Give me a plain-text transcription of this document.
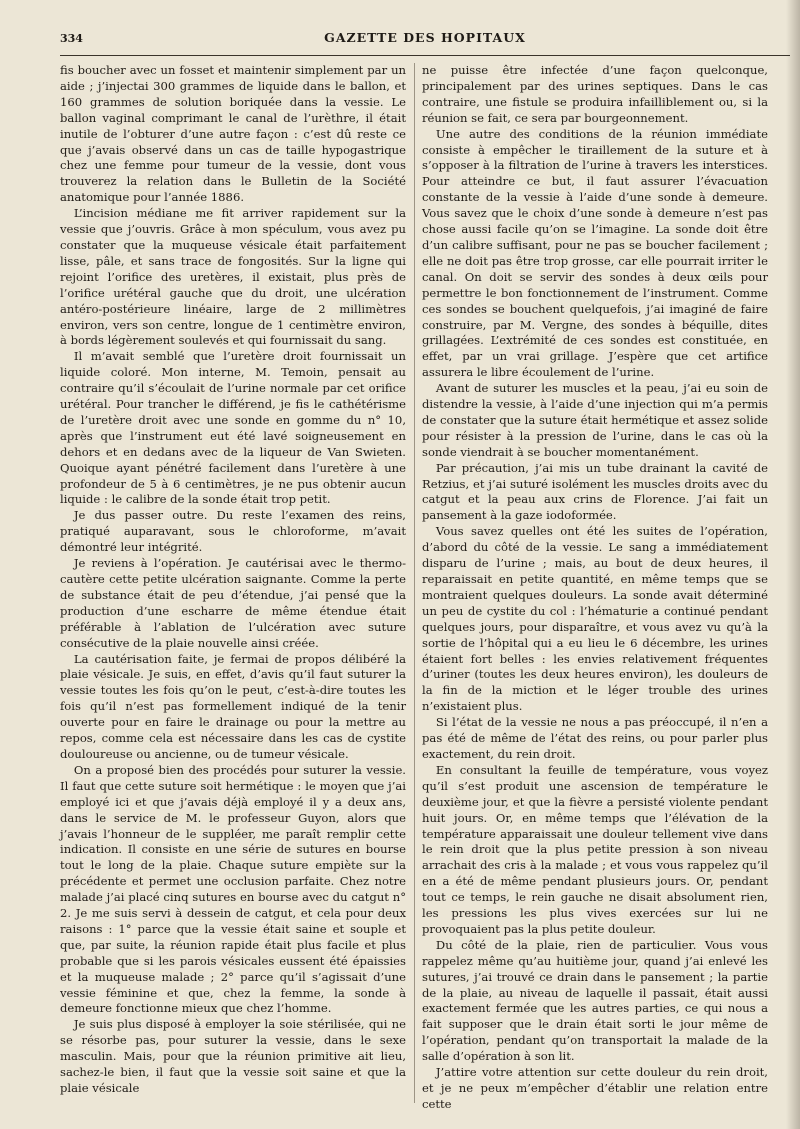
334	GAZETTE DES HOPITAUX

fis boucher avec un fosset et maintenir simplement par un aide ; j’injectai 300 grammes de liquide dans le ballon, et 160 grammes de solution boriquée dans la vessie. Le ballon vaginal comprimant le canal de l’urèthre, il était inutile de l’obturer d’une autre façon : c’est dû reste ce que j’avais observé dans un cas de taille hypogastrique chez une femme pour tumeur de la vessie, dont vous trouverez la relation dans le Bulletin de la Société anatomique pour l’année 1886.

L’incision médiane me fit arriver rapidement sur la vessie que j’ouvris. Grâce à mon spéculum, vous avez pu constater que la muqueuse vésicale était parfaitement lisse, pâle, et sans trace de fongosités. Sur la ligne qui rejoint l’orifice des uretères, il existait, plus près de l’orifice urétéral gauche que du droit, une ulcération antéro-postérieure linéaire, large de 2 millimètres environ, vers son centre, longue de 1 centimètre environ, à bords légèrement soulevés et qui fournissait du sang.

Il m’avait semblé que l’uretère droit fournissait un liquide coloré. Mon interne, M. Temoin, pensait au contraire qu’il s’écoulait de l’urine normale par cet orifice urétéral. Pour trancher le différend, je fis le cathétérisme de l’uretère droit avec une sonde en gomme du n° 10, après que l’instrument eut été lavé soigneusement en dehors et en dedans avec de la liqueur de Van Swieten. Quoique ayant pénétré facilement dans l’uretère à une profondeur de 5 à 6 centimètres, je ne pus obtenir aucun liquide : le calibre de la sonde était trop petit.

Je dus passer outre. Du reste l’examen des reins, pratiqué auparavant, sous le chloroforme, m’avait démontré leur intégrité.

Je reviens à l’opération. Je cautérisai avec le thermo-cautère cette petite ulcération saignante. Comme la perte de substance était de peu d’étendue, j’ai pensé que la production d’une escharre de même étendue était préférable à l’ablation de l’ulcération avec suture consécutive de la plaie nouvelle ainsi créée.

La cautérisation faite, je fermai de propos délibéré la plaie vésicale. Je suis, en effet, d’avis qu’il faut suturer la vessie toutes les fois qu’on le peut, c’est-à-dire toutes les fois qu’il n’est pas formellement indiqué de la tenir ouverte pour en faire le drainage ou pour la mettre au repos, comme cela est nécessaire dans les cas de cystite douloureuse ou ancienne, ou de tumeur vésicale.

On a proposé bien des procédés pour suturer la vessie. Il faut que cette suture soit hermétique : le moyen que j’ai employé ici et que j’avais déjà employé il y a deux ans, dans le service de M. le professeur Guyon, alors que j’avais l’honneur de le suppléer, me paraît remplir cette indication. Il consiste en une série de sutures en bourse tout le long de la plaie. Chaque suture empiète sur la précédente et permet une occlusion parfaite. Chez notre malade j’ai placé cinq sutures en bourse avec du catgut n° 2. Je me suis servi à dessein de catgut, et cela pour deux raisons : 1° parce que la vessie était saine et souple et que, par suite, la réunion rapide était plus facile et plus probable que si les parois vésicales eussent été épaissies et la muqueuse malade ; 2° parce qu’il s’agissait d’une vessie féminine et que, chez la femme, la sonde à demeure fonctionne mieux que chez l’homme.

Je suis plus disposé à employer la soie stérilisée, qui ne se résorbe pas, pour suturer la vessie, dans le sexe masculin. Mais, pour que la réunion primitive ait lieu, sachez-le bien, il faut que la vessie soit saine et que la plaie vésicale

ne puisse être infectée d’une façon quelconque, principalement par des urines septiques. Dans le cas contraire, une fistule se produira infailliblement ou, si la réunion se fait, ce sera par bourgeonnement.

Une autre des conditions de la réunion immédiate consiste à empêcher le tiraillement de la suture et à s’opposer à la filtration de l’urine à travers les interstices. Pour atteindre ce but, il faut assurer l’évacuation constante de la vessie à l’aide d’une sonde à demeure. Vous savez que le choix d’une sonde à demeure n’est pas chose aussi facile qu’on se l’imagine. La sonde doit être d’un calibre suffisant, pour ne pas se boucher facilement ; elle ne doit pas être trop grosse, car elle pourrait irriter le canal. On doit se servir des sondes à deux œils pour permettre le bon fonctionnement de l’instrument. Comme ces sondes se bouchent quelquefois, j’ai imaginé de faire construire, par M. Vergne, des sondes à béquille, dites grillagées. L’extrémité de ces sondes est constituée, en effet, par un vrai grillage. J’espère que cet artifice assurera le libre écoulement de l’urine.

Avant de suturer les muscles et la peau, j’ai eu soin de distendre la vessie, à l’aide d’une injection qui m’a permis de constater que la suture était hermétique et assez solide pour résister à la pression de l’urine, dans le cas où la sonde viendrait à se boucher momentanément.

Par précaution, j’ai mis un tube drainant la cavité de Retzius, et j’ai suturé isolément les muscles droits avec du catgut et la peau aux crins de Florence. J’ai fait un pansement à la gaze iodoformée.

Vous savez quelles ont été les suites de l’opération, d’abord du côté de la vessie. Le sang a immédiatement disparu de l’urine ; mais, au bout de deux heures, il reparaissait en petite quantité, en même temps que se montraient quelques douleurs. La sonde avait déterminé un peu de cystite du col : l’hématurie a continué pendant quelques jours, pour disparaître, et vous avez vu qu’à la sortie de l’hôpital qui a eu lieu le 6 décembre, les urines étaient fort belles : les envies relativement fréquentes d’uriner (toutes les deux heures environ), les douleurs de la fin de la miction et le léger trouble des urines n’existaient plus.

Si l’état de la vessie ne nous a pas préoccupé, il n’en a pas été de même de l’état des reins, ou pour parler plus exactement, du rein droit.

En consultant la feuille de température, vous voyez qu’il s’est produit une ascension de température le deuxième jour, et que la fièvre a persisté violente pendant huit jours. Or, en même temps que l’élévation de la température apparaissait une douleur tellement vive dans le rein droit que la plus petite pression à son niveau arrachait des cris à la malade ; et vous vous rappelez qu’il en a été de même pendant plusieurs jours. Or, pendant tout ce temps, le rein gauche ne disait absolument rien, les pressions les plus vives exercées sur lui ne provoquaient pas la plus petite douleur.

Du côté de la plaie, rien de particulier. Vous vous rappelez même qu’au huitième jour, quand j’ai enlevé les sutures, j’ai trouvé ce drain dans le pansement ; la partie de la plaie, au niveau de laquelle il passait, était aussi exactement fermée que les autres parties, ce qui nous a fait supposer que le drain était sorti le jour même de l’opération, pendant qu’on transportait la malade de la salle d’opération à son lit.

J’attire votre attention sur cette douleur du rein droit, et je ne peux m’empêcher d’établir une relation entre cette
